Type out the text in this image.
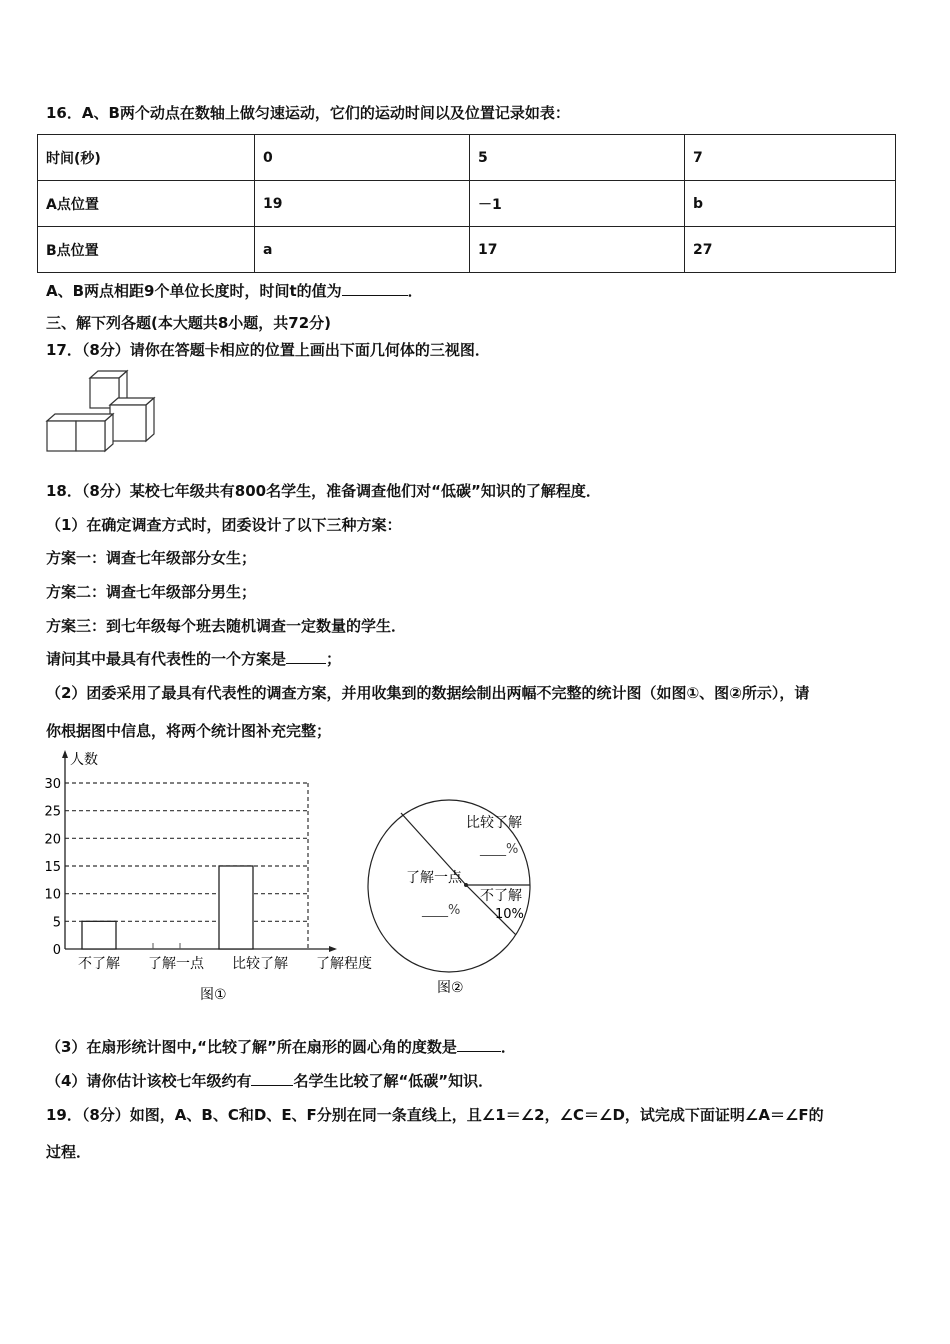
16．A、B两个动点在数轴上做匀速运动，它们的运动时间以及位置记录如表：
时间(秒)	0	5	7
A点位置	19	－1	b
B点位置	a	17	27
A、B两点相距9个单位长度时，时间t的值为	．
三、解下列各题(本大题共8小题，共72分)
17．（8分）请你在答题卡相应的位置上画出下面几何体的三视图．
18．（8分）某校七年级共有800名学生，准备调查他们对“低碳”知识的了解程度．
（1）在确定调查方式时，团委设计了以下三种方案：
方案一：调查七年级部分女生；
方案二：调查七年级部分男生；
方案三：到七年级每个班去随机调查一定数量的学生．
请问其中最具有代表性的一个方案是	；
（2）团委采用了最具有代表性的调查方案，并用收集到的数据绘制出两幅不完整的统计图（如图①、图②所示），请
你根据图中信息，将两个统计图补充完整；
人数
了解程度
图①
0
5
10
15
20
25
30
不了解 了解一点 比较了解
比较了解
____%
了解一点
____%
不了解
10%
图②
（3）在扇形统计图中,“比较了解”所在扇形的圆心角的度数是	．
（4）请你估计该校七年级约有	名学生比较了解“低碳”知识．
19．（8分）如图，A、B、C和D、E、F分别在同一条直线上，且∠1＝∠2，∠C＝∠D，试完成下面证明∠A＝∠F的
过程．
